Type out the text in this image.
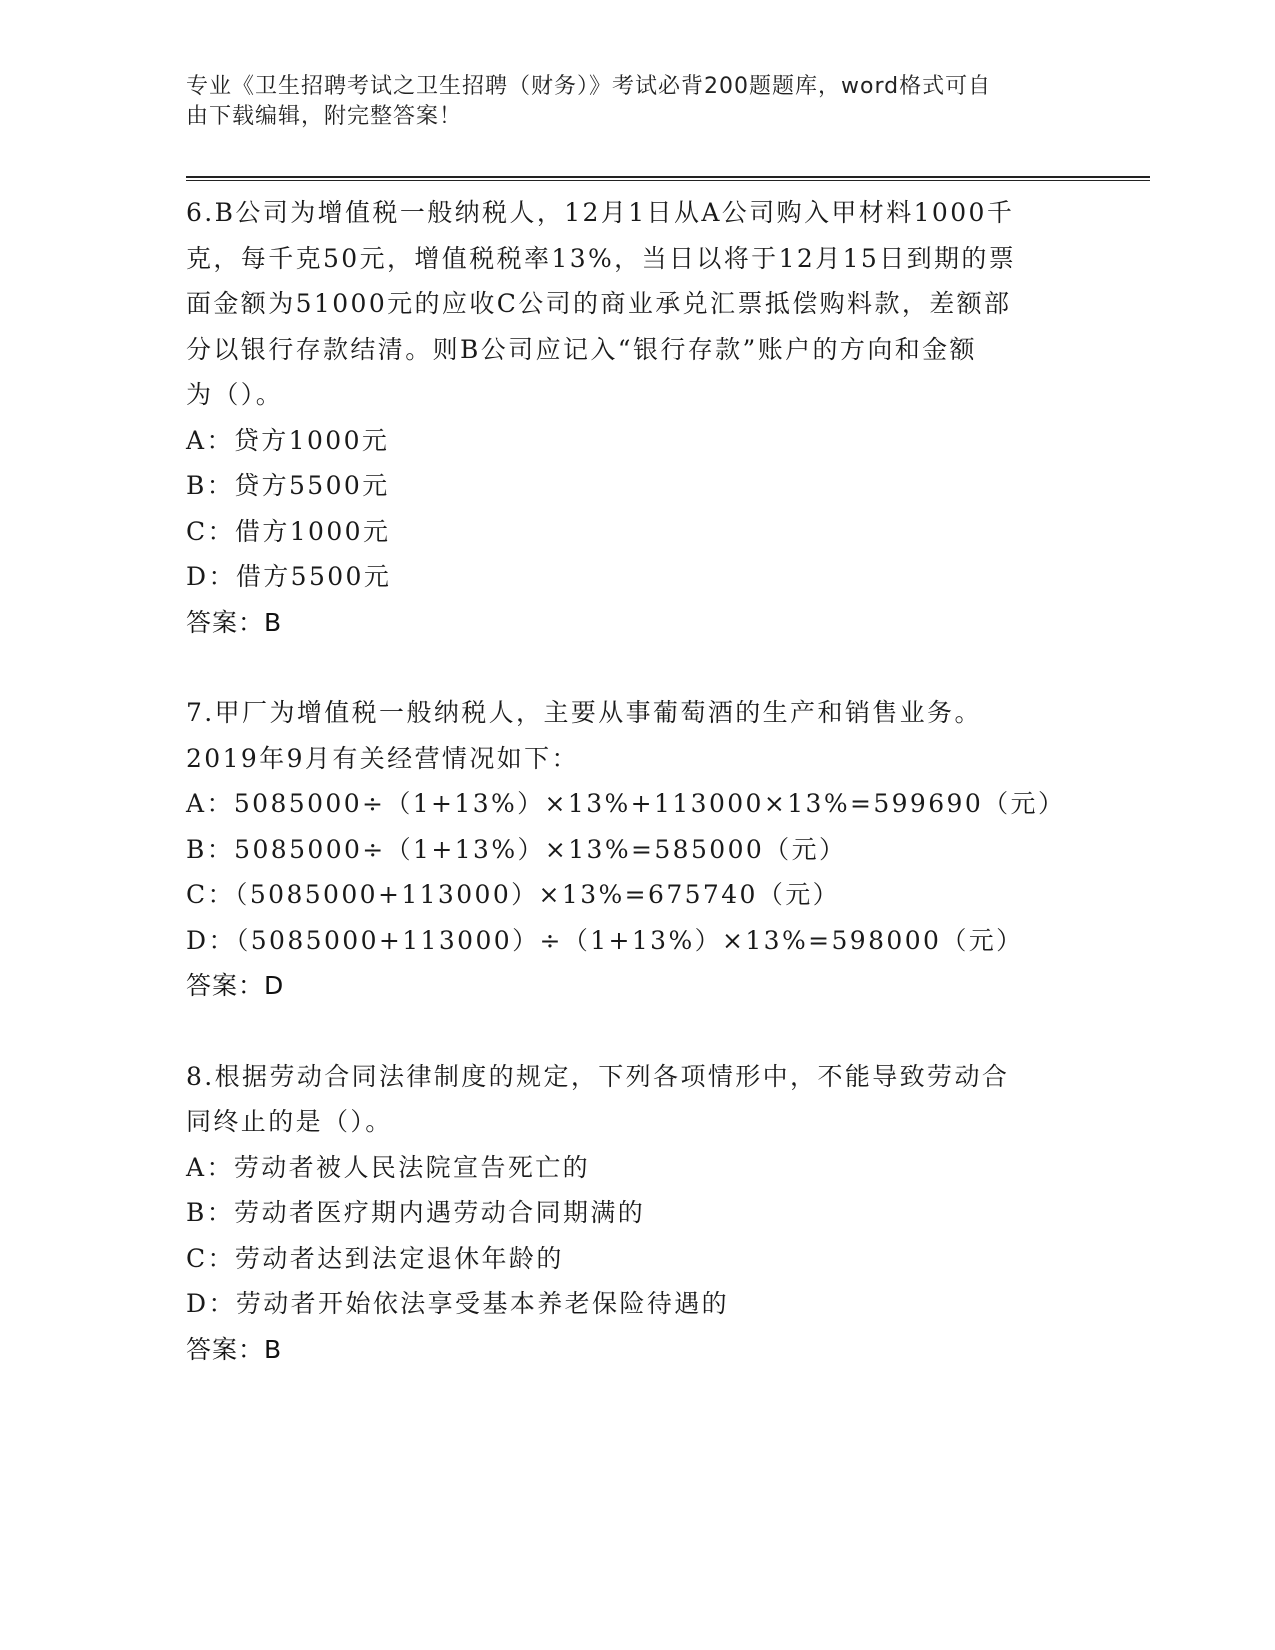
专业《卫生招聘考试之卫生招聘（财务）》考试必背200题题库，word格式可自
由下载编辑，附完整答案！
6.B公司为增值税一般纳税人，12月1日从A公司购入甲材料1000千
克，每千克50元，增值税税率13%，当日以将于12月15日到期的票
面金额为51000元的应收C公司的商业承兑汇票抵偿购料款，差额部
分以银行存款结清。则B公司应记入“银行存款”账户的方向和金额
为（）。
A：贷方1000元
B：贷方5500元
C：借方1000元
D：借方5500元
答案：B
7.甲厂为增值税一般纳税人，主要从事葡萄酒的生产和销售业务。
2019年9月有关经营情况如下：
A：5085000÷（1+13%）×13%+113000×13%=599690（元）
B：5085000÷（1+13%）×13%=585000（元）
C：（5085000+113000）×13%=675740（元）
D：（5085000+113000）÷（1+13%）×13%=598000（元）
答案：D
8.根据劳动合同法律制度的规定，下列各项情形中，不能导致劳动合
同终止的是（）。
A：劳动者被人民法院宣告死亡的
B：劳动者医疗期内遇劳动合同期满的
C：劳动者达到法定退休年龄的
D：劳动者开始依法享受基本养老保险待遇的
答案：B
